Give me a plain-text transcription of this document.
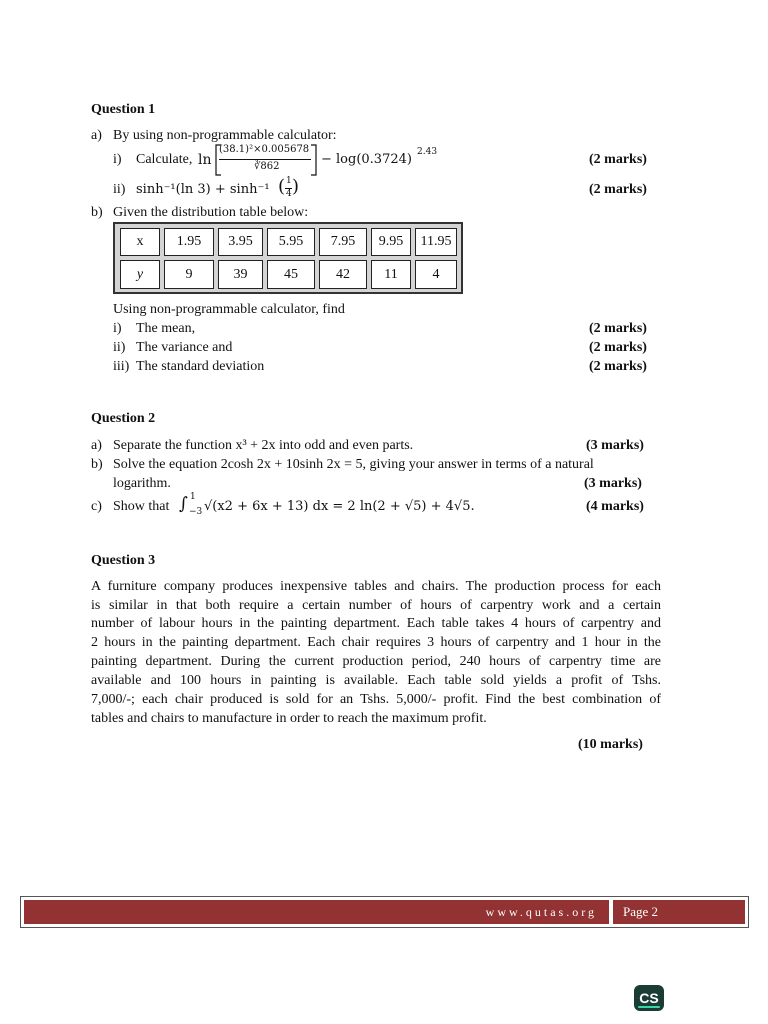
Question 1
a) By using non-programmable calculator:
i) Calculate, ln
(38.1)²×0.005678
∛862	− log(0.3724) 2.43	(2 marks)
ii) sinh⁻¹(ln 3) + sinh⁻¹ ( 1
4 )	(2 marks)
b) Given the distribution table below:
x	1.95	3.95	5.95	7.95	9.95	11.95
y	9	39	45	42	11	4
Using non-programmable calculator, find
i) The mean,	(2 marks)
ii) The variance and	(2 marks)
iii) The standard deviation	(2 marks)
Question 2
a) Separate the function x³ + 2x into odd and even parts.	(3 marks)
b) Solve the equation 2cosh 2x + 10sinh 2x = 5, giving your answer in terms of a natural
logarithm.	(3 marks)
c) Show that ∫ 1
−3 √(x2 + 6x + 13) dx = 2 ln(2 + √5) + 4√5.	(4 marks)
Question 3
A furniture company produces inexpensive tables and chairs. The production process for each
is similar in that both require a certain number of hours of carpentry work and a certain
number of labour hours in the painting department. Each table takes 4 hours of carpentry and
2 hours in the painting department. Each chair requires 3 hours of carpentry and 1 hour in the
painting department. During the current production period, 240 hours of carpentry time are
available and 100 hours in painting is available. Each table sold yields a profit of Tshs.
7,000/-; each chair produced is sold for an Tshs. 5,000/- profit. Find the best combination of
tables and chairs to manufacture in order to reach the maximum profit.
(10 marks)
www.qutas.org Page 2
CS
